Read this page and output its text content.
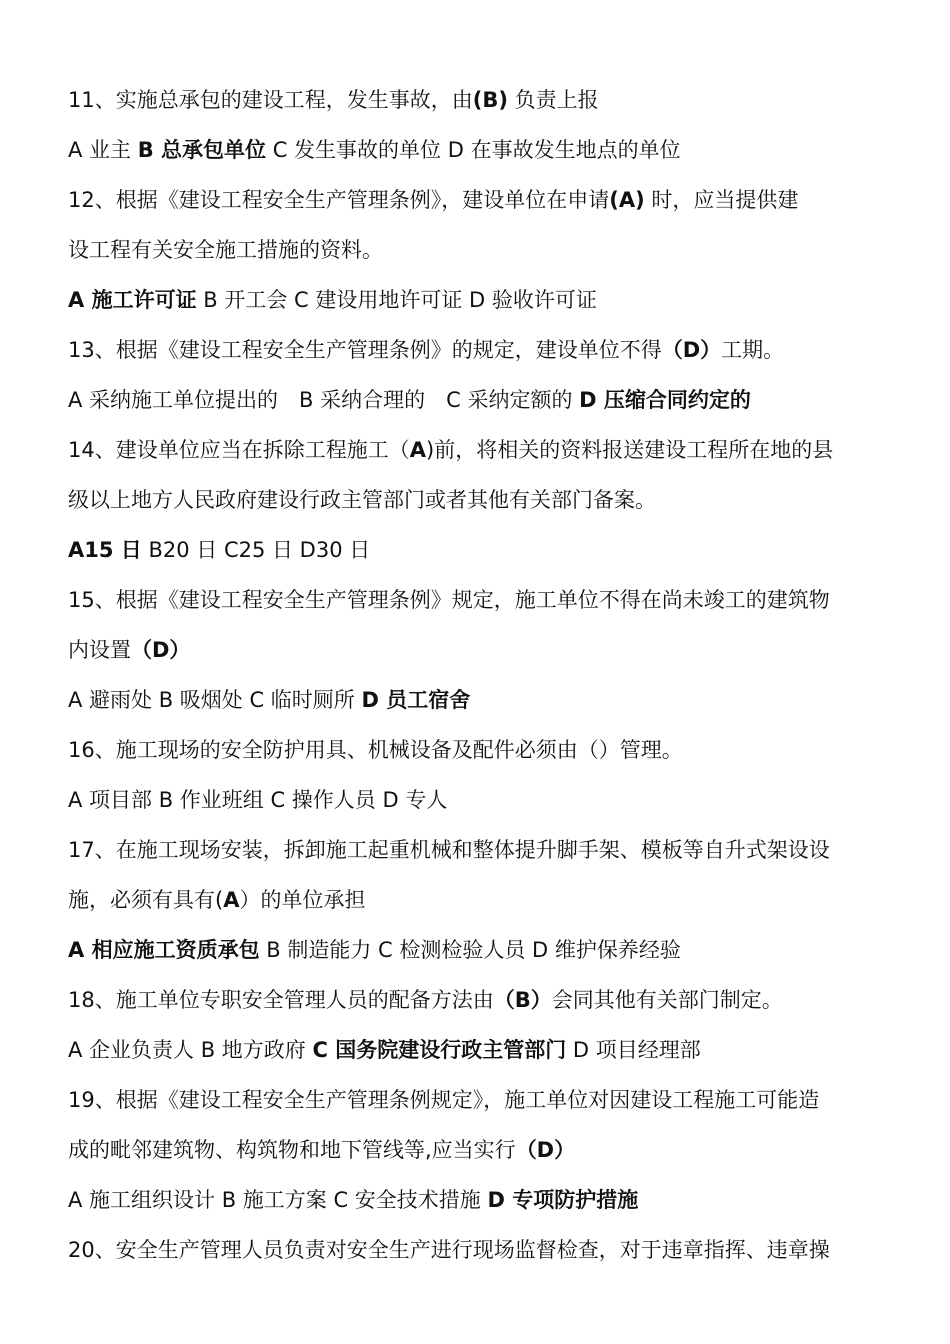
11、实施总承包的建设工程，发生事故，由(B) 负责上报
A 业主 B 总承包单位 C 发生事故的单位 D 在事故发生地点的单位
12、根据《建设工程安全生产管理条例》，建设单位在申请(A) 时，应当提供建
设工程有关安全施工措施的资料。
A 施工许可证 B 开工会 C 建设用地许可证 D 验收许可证
13、根据《建设工程安全生产管理条例》的规定，建设单位不得（D）工期。
A 采纳施工单位提出的　B 采纳合理的　C 采纳定额的 D 压缩合同约定的
14、建设单位应当在拆除工程施工（A)前，将相关的资料报送建设工程所在地的县
级以上地方人民政府建设行政主管部门或者其他有关部门备案。
A15 日 B20 日 C25 日 D30 日
15、根据《建设工程安全生产管理条例》规定，施工单位不得在尚未竣工的建筑物
内设置（D）
A 避雨处 B 吸烟处 C 临时厕所 D 员工宿舍
16、施工现场的安全防护用具、机械设备及配件必须由（）管理。
A 项目部 B 作业班组 C 操作人员 D 专人
17、在施工现场安装，拆卸施工起重机械和整体提升脚手架、模板等自升式架设设
施，必须有具有(A）的单位承担
A 相应施工资质承包 B 制造能力 C 检测检验人员 D 维护保养经验
18、施工单位专职安全管理人员的配备方法由（B）会同其他有关部门制定。
A 企业负责人 B 地方政府 C 国务院建设行政主管部门 D 项目经理部
19、根据《建设工程安全生产管理条例规定》，施工单位对因建设工程施工可能造
成的毗邻建筑物、构筑物和地下管线等,应当实行（D）
A 施工组织设计 B 施工方案 C 安全技术措施 D 专项防护措施
20、安全生产管理人员负责对安全生产进行现场监督检查，对于违章指挥、违章操
